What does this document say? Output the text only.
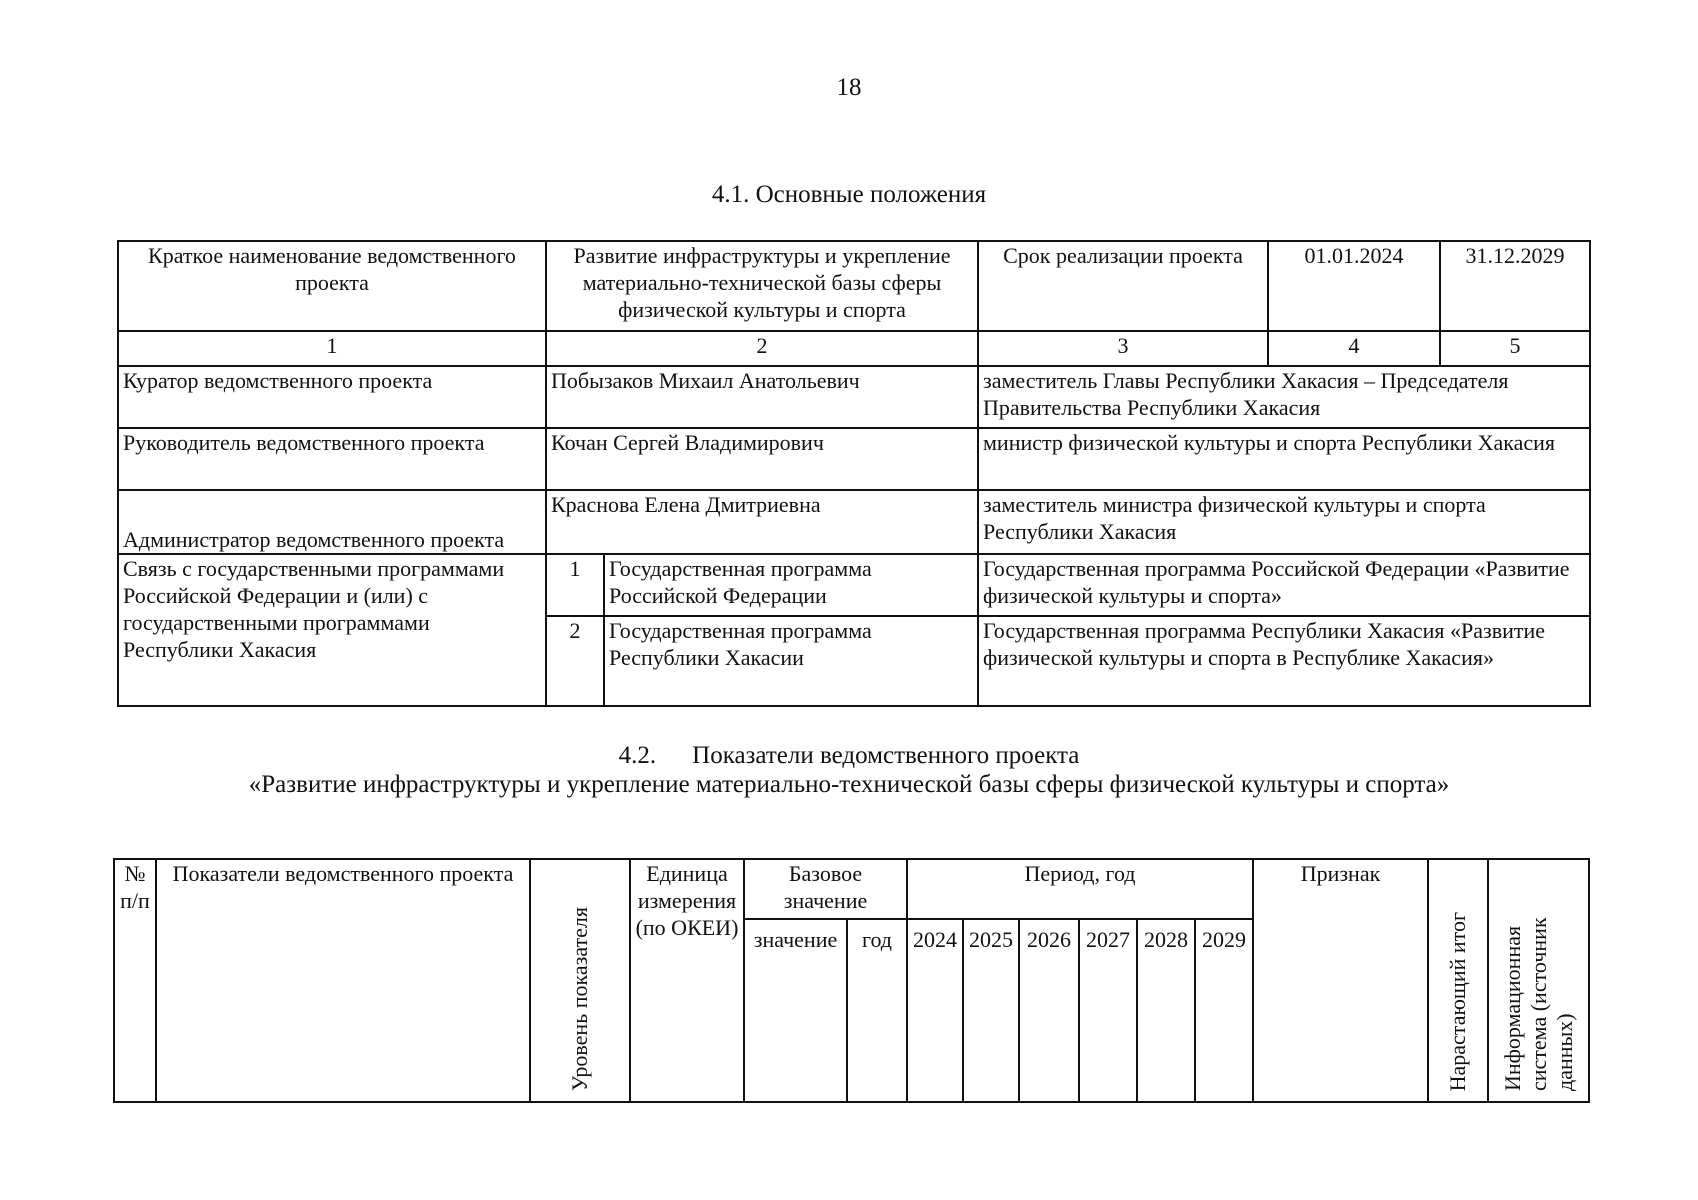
18
4.1. Основные положения
Краткое наименование ведомственного проекта	Развитие инфраструктуры и укрепление материально-технической базы сферы физической культуры и спорта		Срок реализации проекта	01.01.2024	31.12.2029
1	2		3	4	5
Куратор ведомственного проекта	Побызаков Михаил Анатольевич		заместитель Главы Республики Хакасия – Председателя Правительства Республики Хакасия		
Руководитель ведомственного проекта	Кочан Сергей Владимирович		министр физической культуры и спорта Республики Хакасия		
Администратор ведомственного проекта	Краснова Елена Дмитриевна		заместитель министра физической культуры и спорта Республики Хакасия		
Связь с государственными программами Российской Федерации и (или) с государственными программами Республики Хакасия	1	Государственная программа Российской Федерации	Государственная программа Российской Федерации «Развитие физической культуры и спорта»		
	2	Государственная программа Республики Хакасии	Государственная программа Республики Хакасия «Развитие физической культуры и спорта в Республике Хакасия»		
4.2. Показатели ведомственного проекта
«Развитие инфраструктуры и укрепление материально-технической базы сферы физической культуры и спорта»
№ п/п	Показатели ведомственного проекта	Уровень показателя	Единица измерения (по ОКЕИ)	Базовое значение		Период, год						Признак	Нарастающий итог	Информационная система (источник данных)

				значение	год	2024	2025	2026	2027	2028	2029			
